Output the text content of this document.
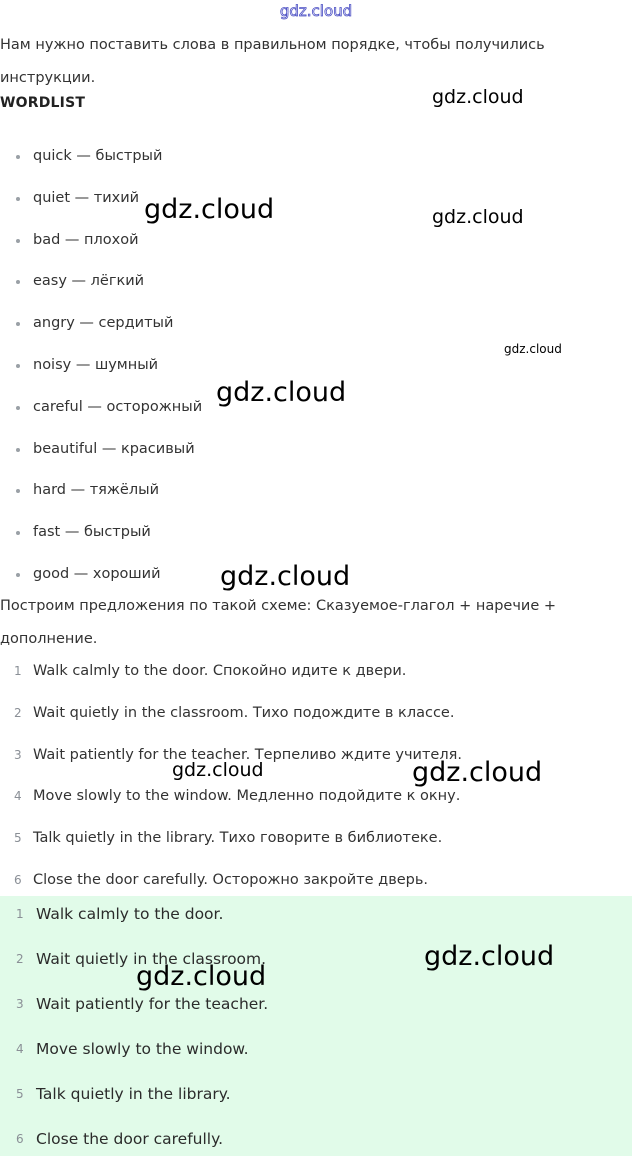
gdz.cloud
Нам нужно поставить слова в правильном порядке, чтобы получились инструкции.
WORDLIST
quick — быстрый
quiet — тихий
bad — плохой
easy — лёгкий
angry — сердитый
noisy — шумный
careful — осторожный
beautiful — красивый
hard — тяжёлый
fast — быстрый
good — хороший
Построим предложения по такой схеме: Сказуемое-глагол + наречие + дополнение.
1 Walk calmly to the door. Спокойно идите к двери.
2 Wait quietly in the classroom. Тихо подождите в классе.
3 Wait patiently for the teacher. Терпеливо ждите учителя.
4 Move slowly to the window. Медленно подойдите к окну.
5 Talk quietly in the library. Тихо говорите в библиотеке.
6 Close the door carefully. Осторожно закройте дверь.
1 Walk calmly to the door.
2 Wait quietly in the classroom.
3 Wait patiently for the teacher.
4 Move slowly to the window.
5 Talk quietly in the library.
6 Close the door carefully.
gdz.cloud
gdz.cloud	gdz.cloud
gdz.cloud
gdz.cloud
gdz.cloud
gdz.cloud	gdz.cloud
gdz.cloud
gdz.cloud
